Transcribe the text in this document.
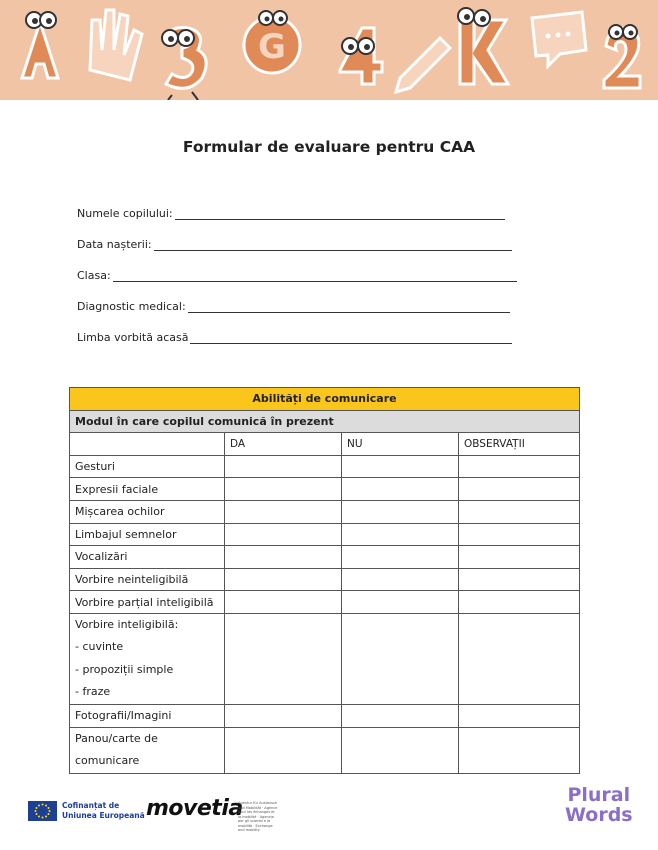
G
Formular de evaluare pentru CAA
Numele copilului:
Data nașterii:
Clasa:
Diagnostic medical:
Limba vorbită acasă
Abilități de comunicare			
Modul în care copilul comunică în prezent			
	DA	NU	OBSERVAȚII
Gesturi			
Expresii faciale			
Mișcarea ochilor			
Limbajul semnelor			
Vocalizări			
Vorbire neinteligibilă			
Vorbire parțial inteligibilă			

Vorbire inteligibilă:
- cuvinte
- propoziții simple
- fraze			

Fotografii/Imagini			

Panou/carte de
comunicare			

Cofinanțat de
Uniunea Europeană movetia
Agentur für Austausch und Mobilität · Agence pour les échanges et la mobilité · Agenzia per gli scambi e la mobilità · Exchange and mobility
Plural
Words
